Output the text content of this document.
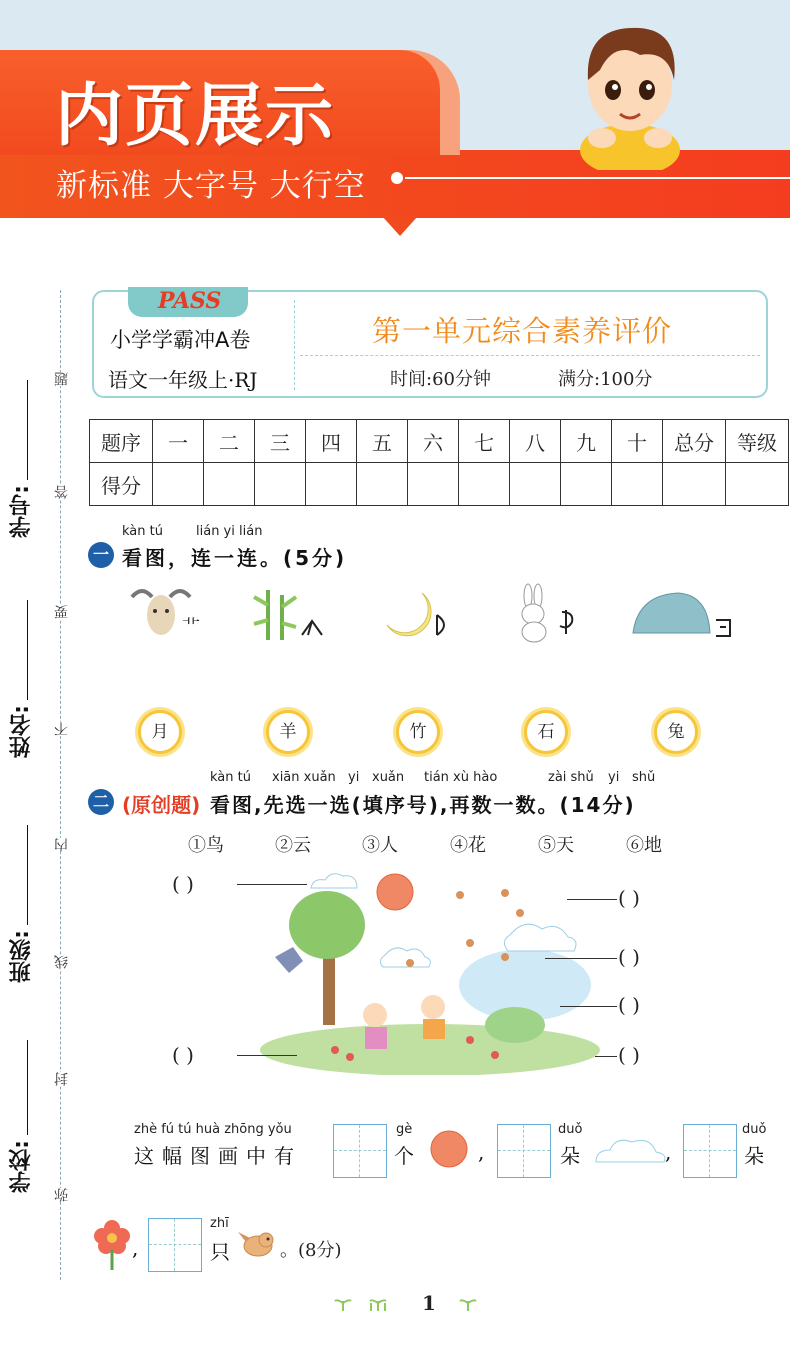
内页展示
新标准 大字号 大行空
学号:
姓名:
班级:
学校:
题
答
要
不
内
线
封
弥
PASS
小学学霸冲A卷
语文一年级上·RJ
第一单元综合素养评价
时间:60分钟	满分:100分
题序	一	二	三	四	五	六	七	八	九	十	总分	等级
得分												
kàn tú	lián yi lián
一 看图，连一连。(5分)
⻀
月	羊	竹	石	兔
kàn tú xiān xuǎn yi xuǎn tián xù hào	zài shǔ yi shǔ
二 (原创题) 看图,先选一选(填序号),再数一数。(14分)
①鸟	②云	③人	④花	⑤天	⑥地
( )
( )
( )
( )
( )	( )
zhè fú tú huà zhōng yǒu
这幅图画中有
gè
个	,
duǒ
朵	,
duǒ
朵
,
zhī
只 。(8分)
1
